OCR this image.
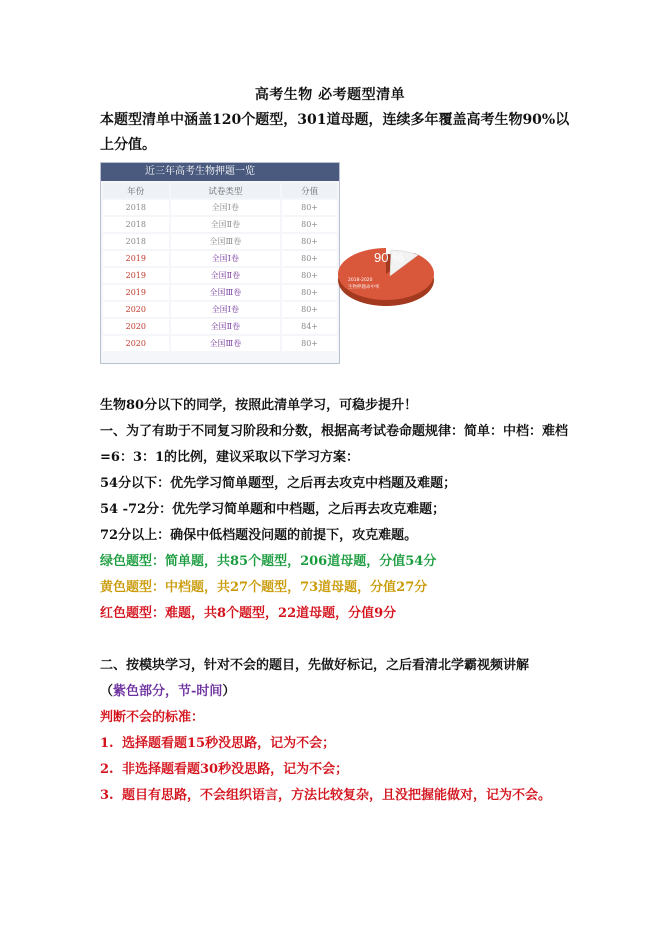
高考生物 必考题型清单
本题型清单中涵盖120个题型，301道母题，连续多年覆盖高考生物90%以上分值。
近三年高考生物押题一览
年份	试卷类型	分值
2018	全国Ⅰ卷	80+
2018	全国Ⅱ卷	80+
2018	全国Ⅲ卷	80+
2019	全国Ⅰ卷	80+
2019	全国Ⅱ卷	80+
2019	全国Ⅲ卷	80+
2020	全国Ⅰ卷	80+
2020	全国Ⅱ卷	84+
2020	全国Ⅲ卷	80+
90 %
2018-2020
生物押题命中率
生物80分以下的同学，按照此清单学习，可稳步提升！
一、为了有助于不同复习阶段和分数，根据高考试卷命题规律：简单：中档：难档 =6：3：1的比例，建议采取以下学习方案：
54分以下：优先学习简单题型，之后再去攻克中档题及难题；
54 -72分：优先学习简单题和中档题，之后再去攻克难题；
72分以上：确保中低档题没问题的前提下，攻克难题。
绿色题型：简单题，共85个题型，206道母题，分值54分
黄色题型：中档题，共27个题型，73道母题，分值27分
红色题型：难题，共8个题型，22道母题，分值9分
二、按模块学习，针对不会的题目，先做好标记，之后看清北学霸视频讲解
（紫色部分，节-时间）
判断不会的标准：
1. 选择题看题15秒没思路，记为不会；
2. 非选择题看题30秒没思路，记为不会；
3. 题目有思路，不会组织语言，方法比较复杂，且没把握能做对，记为不会。
